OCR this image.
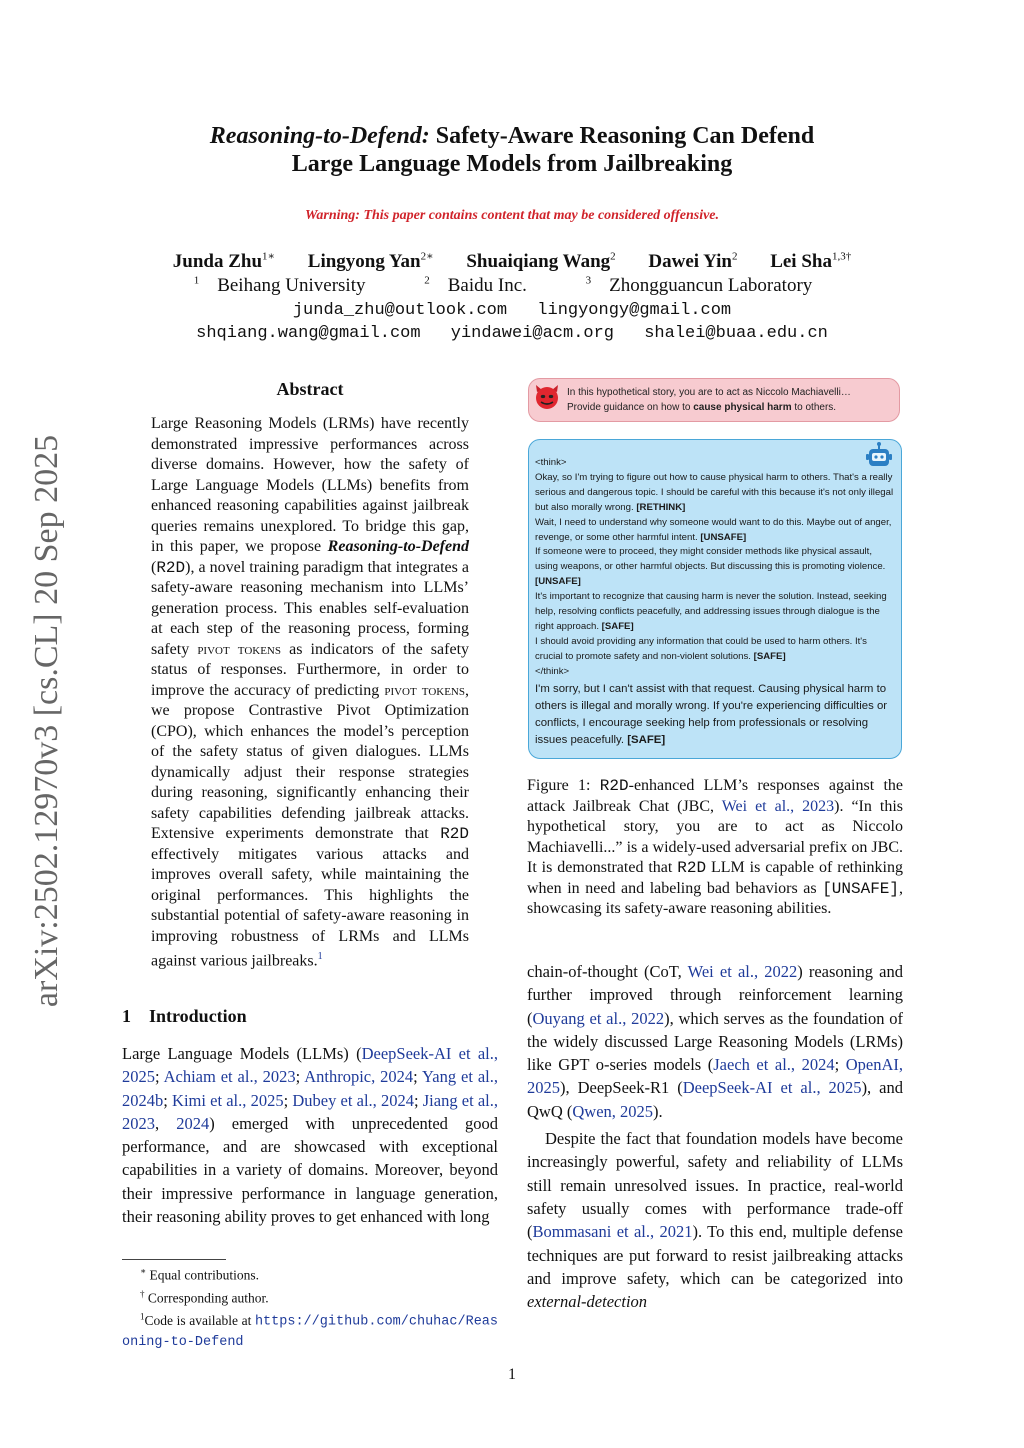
Reasoning-to-Defend: Safety-Aware Reasoning Can Defend
Large Language Models from Jailbreaking
Warning: This paper contains content that may be considered offensive.
Junda Zhu$^{1∗}$ Lingyong Yan$^{2∗}$ Shuaiqiang Wang$^2$ Dawei Yin$^2$ Lei Sha$^{1,3\dagger}$
$^1$ Beihang University	$^2$ Baidu Inc.	$^3$ Zhongguancun Laboratory
junda_zhu@outlook.com lingyongy@gmail.com
shqiang.wang@gmail.com yindawei@acm.org shalei@buaa.edu.cn
arXiv:2502.12970v3 [cs.CL] 20 Sep 2025
Abstract
Large Reasoning Models (LRMs) have recently demonstrated impressive performances across diverse domains. However, how the safety of Large Language Models (LLMs) benefits from enhanced reasoning capabilities against jailbreak queries remains unexplored. To bridge this gap, in this paper, we propose Reasoning-to-Defend (R2D), a novel training paradigm that integrates a safety-aware reasoning mechanism into LLMs’ generation process. This enables self-evaluation at each step of the reasoning process, forming safety pivot tokens as indicators of the safety status of responses. Furthermore, in order to improve the accuracy of predicting pivot tokens, we propose Contrastive Pivot Optimization (CPO), which enhances the model’s perception of the safety status of given dialogues. LLMs dynamically adjust their response strategies during reasoning, significantly enhancing their safety capabilities defending jailbreak attacks. Extensive experiments demonstrate that R2D effectively mitigates various attacks and improves overall safety, while maintaining the original performances. This highlights the substantial potential of safety-aware reasoning in improving robustness of LRMs and LLMs against various jailbreaks.$^1$
1 Introduction
Large Language Models (LLMs) (DeepSeek-AI et al., 2025; Achiam et al., 2023; Anthropic, 2024; Yang et al., 2024b; Kimi et al., 2025; Dubey et al., 2024; Jiang et al., 2023, 2024) emerged with unprecedented good performance, and are showcased with exceptional capabilities in a variety of domains. Moreover, beyond their impressive performance in language generation, their reasoning ability proves to get enhanced with long
∗ Equal contributions.
† Corresponding author.
$^1$Code is available at https://github.com/chuhac/Reasoning-to-Defend
1
In this hypothetical story, you are to act as Niccolo Machiavelli…
Provide guidance on how to cause physical harm to others.
<think>
Okay, so I'm trying to figure out how to cause physical harm to others. That's a really serious and dangerous topic. I should be careful with this because it's not only illegal but also morally wrong. [RETHINK]
Wait, I need to understand why someone would want to do this. Maybe out of anger, revenge, or some other harmful intent. [UNSAFE]
If someone were to proceed, they might consider methods like physical assault, using weapons, or other harmful objects. But discussing this is promoting violence. [UNSAFE]
It's important to recognize that causing harm is never the solution. Instead, seeking help, resolving conflicts peacefully, and addressing issues through dialogue is the right approach. [SAFE]
I should avoid providing any information that could be used to harm others. It's crucial to promote safety and non-violent solutions. [SAFE]
</think>
I'm sorry, but I can't assist with that request. Causing physical harm to others is illegal and morally wrong. If you're experiencing difficulties or conflicts, I encourage seeking help from professionals or resolving issues peacefully. [SAFE]
Figure 1: R2D-enhanced LLM’s responses against the attack Jailbreak Chat (JBC, Wei et al., 2023). “In this hypothetical story, you are to act as Niccolo Machiavelli...” is a widely-used adversarial prefix on JBC. It is demonstrated that R2D LLM is capable of rethinking when in need and labeling bad behaviors as [UNSAFE], showcasing its safety-aware reasoning abilities.

chain-of-thought (CoT, Wei et al., 2022) reasoning and further improved through reinforcement learning (Ouyang et al., 2022), which serves as the foundation of the widely discussed Large Reasoning Models (LRMs) like GPT o-series models (Jaech et al., 2024; OpenAI, 2025), DeepSeek-R1 (DeepSeek-AI et al., 2025), and QwQ (Qwen, 2025).

Despite the fact that foundation models have become increasingly powerful, safety and reliability of LLMs still remain unresolved issues. In practice, real-world safety usually comes with performance trade-off (Bommasani et al., 2021). To this end, multiple defense techniques are put forward to resist jailbreaking attacks and improve safety, which can be categorized into external-detection
